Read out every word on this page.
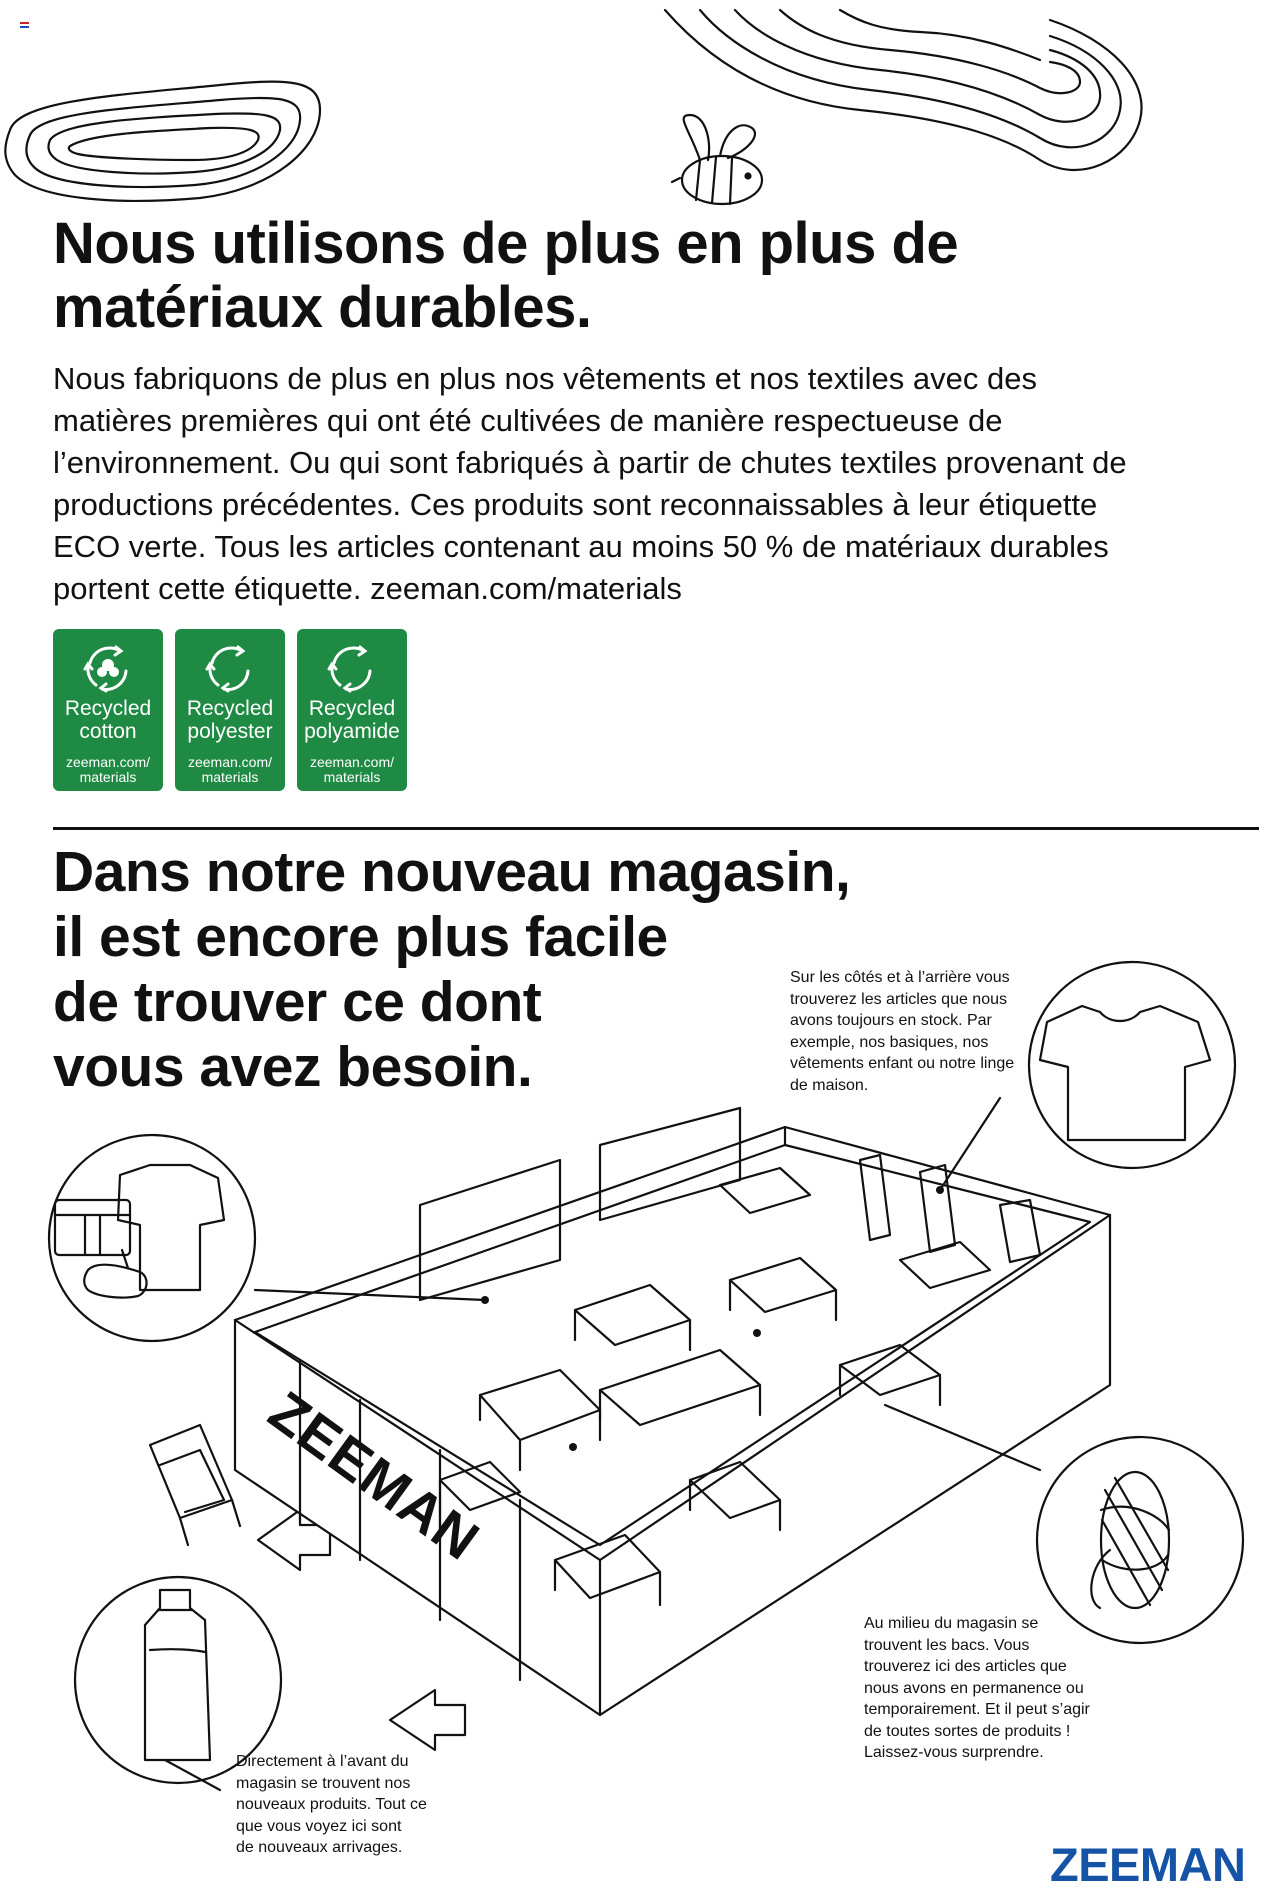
ZEEMAN
Nous utilisons de plus en plus de
matériaux durables.
Nous fabriquons de plus en plus nos vêtements et nos textiles avec des
matières premières qui ont été cultivées de manière respectueuse de
l’environnement. Ou qui sont fabriqués à partir de chutes textiles provenant de
productions précédentes. Ces produits sont reconnaissables à leur étiquette
ECO verte. Tous les articles contenant au moins 50 % de matériaux durables
portent cette étiquette. zeeman.com/materials
Recycled
cotton
zeeman.com/
materials
Recycled
polyester
zeeman.com/
materials
Recycled
polyamide
zeeman.com/
materials
Dans notre nouveau magasin,
il est encore plus facile
de trouver ce dont
vous avez besoin.
Sur les côtés et à l’arrière vous
trouverez les articles que nous
avons toujours en stock. Par
exemple, nos basiques, nos
vêtements enfant ou notre linge
de maison.
Au milieu du magasin se
trouvent les bacs. Vous
trouverez ici des articles que
nous avons en permanence ou
temporairement. Et il peut s’agir
de toutes sortes de produits !
Laissez-vous surprendre.
Directement à l’avant du
magasin se trouvent nos
nouveaux produits. Tout ce
que vous voyez ici sont
de nouveaux arrivages.	ZEEMAN
